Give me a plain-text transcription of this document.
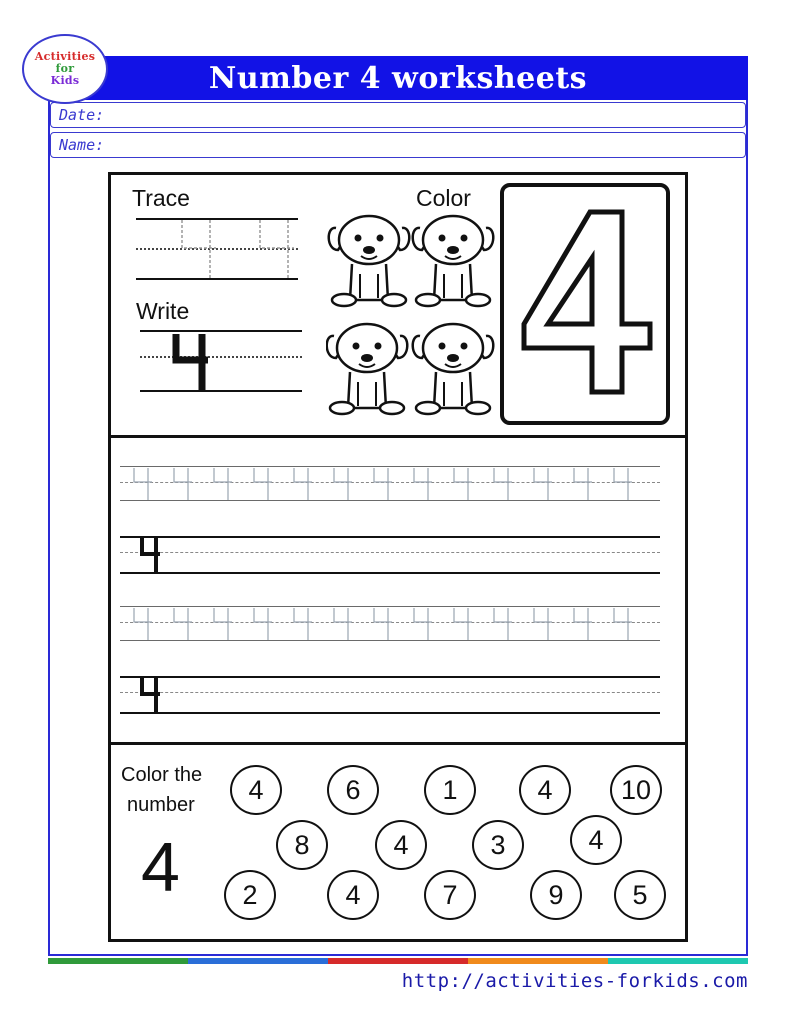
Activities
for
Kids	Number 4 worksheets
Date:
Name:
Trace
Write
Color
Color the
number
4
4	6	1	4	10
8	4	3	4
2	4	7	9	5
http://activities-forkids.com
